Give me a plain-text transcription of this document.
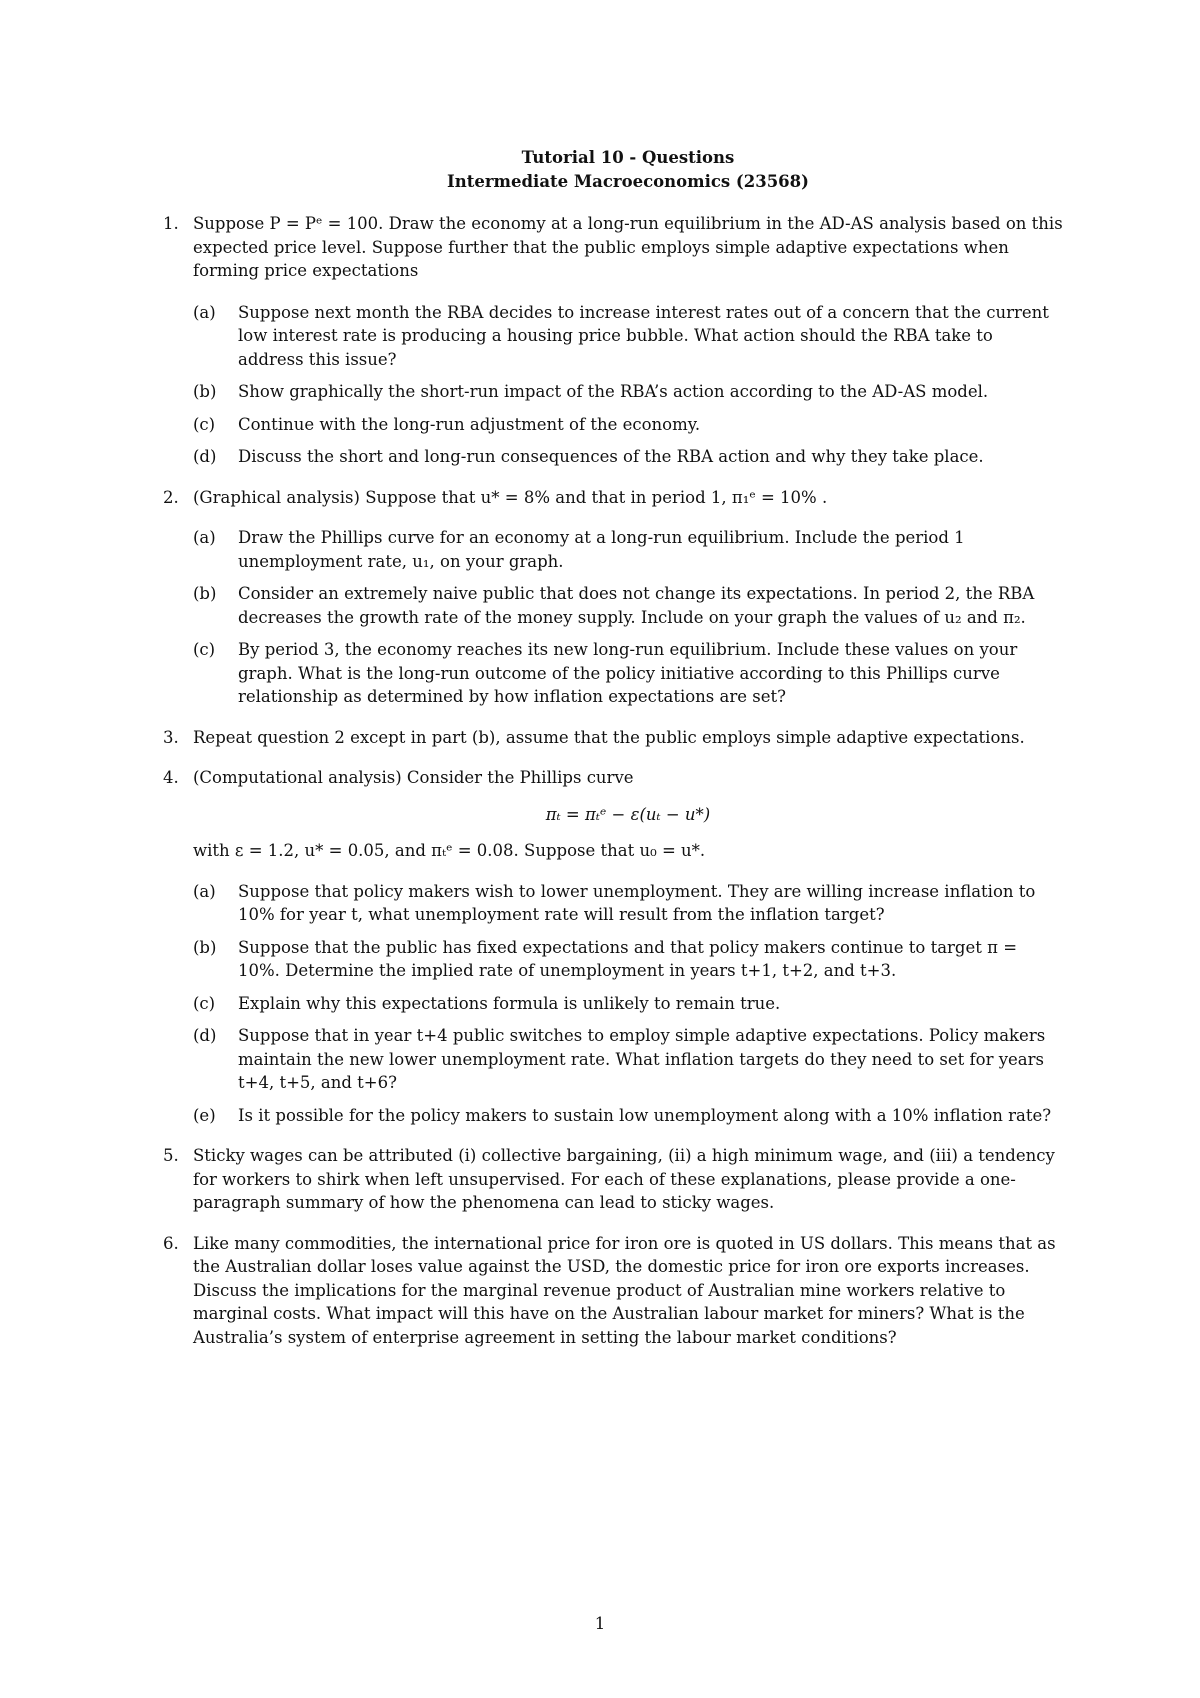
Tutorial 10 - Questions
Intermediate Macroeconomics (23568)
1. Suppose P = Pᵉ = 100. Draw the economy at a long-run equilibrium in the AD-AS analysis based on this expected price level. Suppose further that the public employs simple adaptive expectations when forming price expectations
(a) Suppose next month the RBA decides to increase interest rates out of a concern that the current low interest rate is producing a housing price bubble. What action should the RBA take to address this issue?
(b) Show graphically the short-run impact of the RBA’s action according to the AD-AS model.
(c) Continue with the long-run adjustment of the economy.
(d) Discuss the short and long-run consequences of the RBA action and why they take place.
2. (Graphical analysis) Suppose that u* = 8% and that in period 1, π₁ᵉ = 10% .
(a) Draw the Phillips curve for an economy at a long-run equilibrium. Include the period 1 unemployment rate, u₁, on your graph.
(b) Consider an extremely naive public that does not change its expectations. In period 2, the RBA decreases the growth rate of the money supply. Include on your graph the values of u₂ and π₂.
(c) By period 3, the economy reaches its new long-run equilibrium. Include these values on your graph. What is the long-run outcome of the policy initiative according to this Phillips curve relationship as determined by how inflation expectations are set?
3. Repeat question 2 except in part (b), assume that the public employs simple adaptive expectations.
4. (Computational analysis) Consider the Phillips curve
πₜ = πₜᵉ − ε(uₜ − u*)
with ε = 1.2, u* = 0.05, and πₜᵉ = 0.08. Suppose that u₀ = u*.
(a) Suppose that policy makers wish to lower unemployment. They are willing increase inflation to 10% for year t, what unemployment rate will result from the inflation target?
(b) Suppose that the public has fixed expectations and that policy makers continue to target π = 10%. Determine the implied rate of unemployment in years t+1, t+2, and t+3.
(c) Explain why this expectations formula is unlikely to remain true.
(d) Suppose that in year t+4 public switches to employ simple adaptive expectations. Policy makers maintain the new lower unemployment rate. What inflation targets do they need to set for years t+4, t+5, and t+6?
(e) Is it possible for the policy makers to sustain low unemployment along with a 10% inflation rate?
5. Sticky wages can be attributed (i) collective bargaining, (ii) a high minimum wage, and (iii) a tendency for workers to shirk when left unsupervised. For each of these explanations, please provide a one-paragraph summary of how the phenomena can lead to sticky wages.
6. Like many commodities, the international price for iron ore is quoted in US dollars. This means that as the Australian dollar loses value against the USD, the domestic price for iron ore exports increases. Discuss the implications for the marginal revenue product of Australian mine workers relative to marginal costs. What impact will this have on the Australian labour market for miners? What is the Australia’s system of enterprise agreement in setting the labour market conditions?
1
